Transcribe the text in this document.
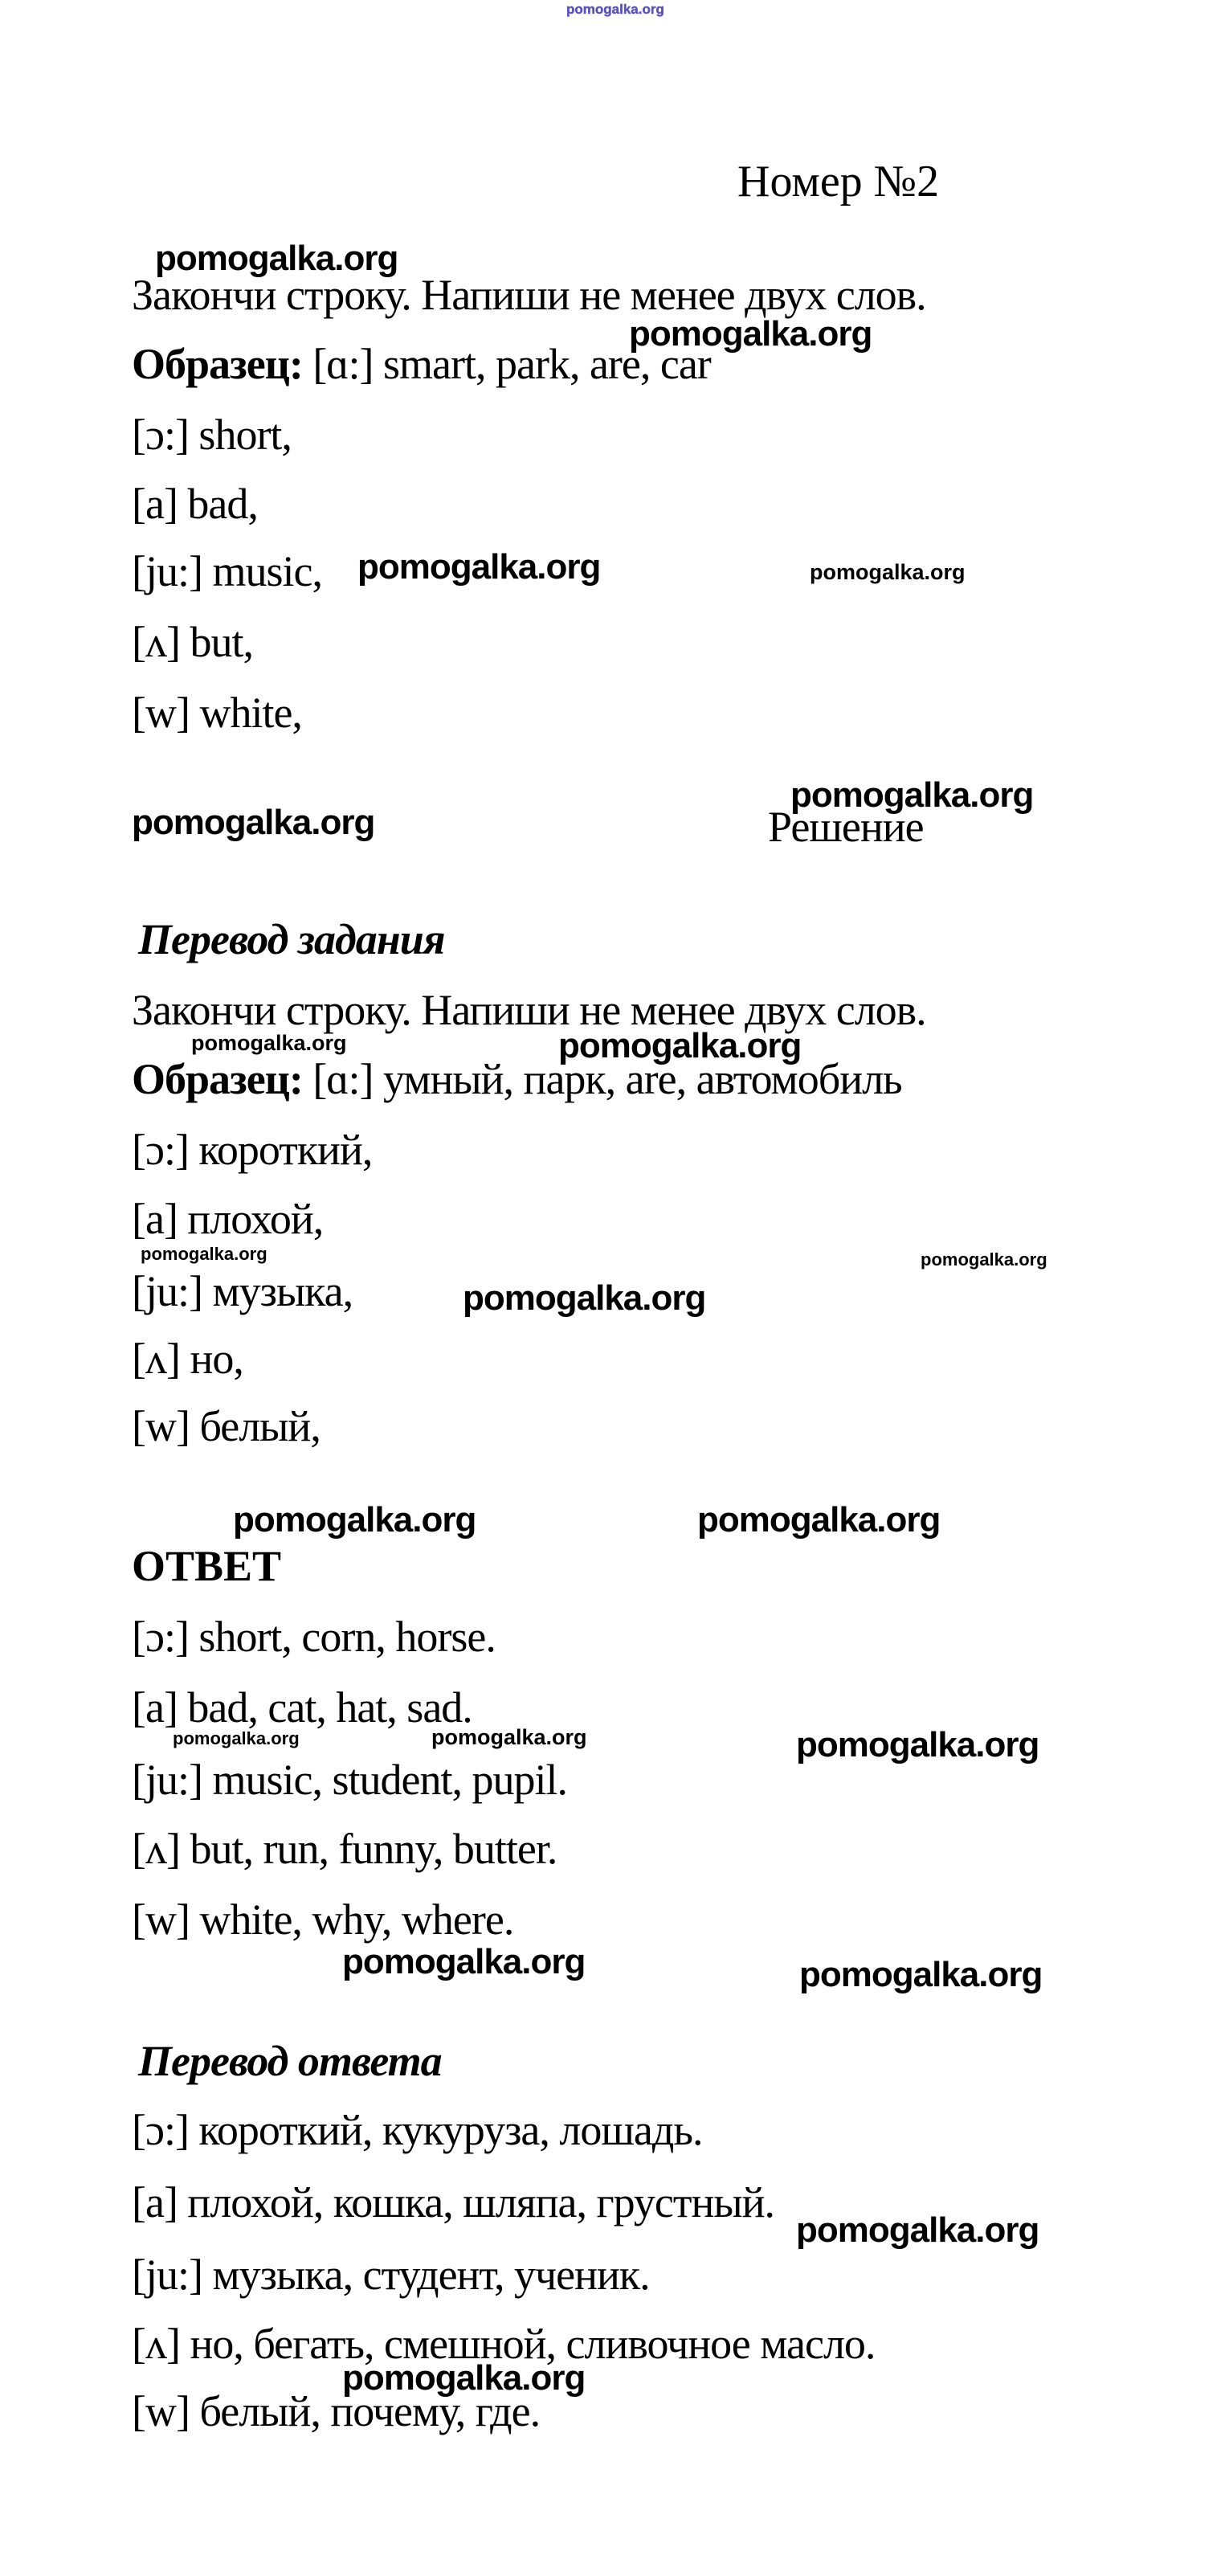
pomogalka.org
Номер №2
pomogalka.org
Закончи строку. Напиши не менее двух слов.
pomogalka.org
Образец: [ɑ:] smart, park, are, car
[ɔ:] short,
[a] bad,
[ju:] music, pomogalka.org	pomogalka.org
[ʌ] but,
[w] white,
pomogalka.org
pomogalka.org	Решение
Перевод задания
Закончи строку. Напиши не менее двух слов.
pomogalka.org	pomogalka.org
Образец: [ɑ:] умный, парк, are, автомобиль
[ɔ:] короткий,
[a] плохой,
pomogalka.org	pomogalka.org
[ju:] музыка,	pomogalka.org
[ʌ] но,
[w] белый,
pomogalka.org	pomogalka.org
ОТВЕТ
[ɔ:] short, corn, horse.
[a] bad, cat, hat, sad.
pomogalka.org	pomogalka.org	pomogalka.org
[ju:] music, student, pupil.
[ʌ] but, run, funny, butter.
[w] white, why, where.
pomogalka.org	pomogalka.org
Перевод ответа
[ɔ:] короткий, кукуруза, лошадь.
[a] плохой, кошка, шляпа, грустный.
pomogalka.org
[ju:] музыка, студент, ученик.
[ʌ] но, бегать, смешной, сливочное масло.
pomogalka.org
[w] белый, почему, где.
